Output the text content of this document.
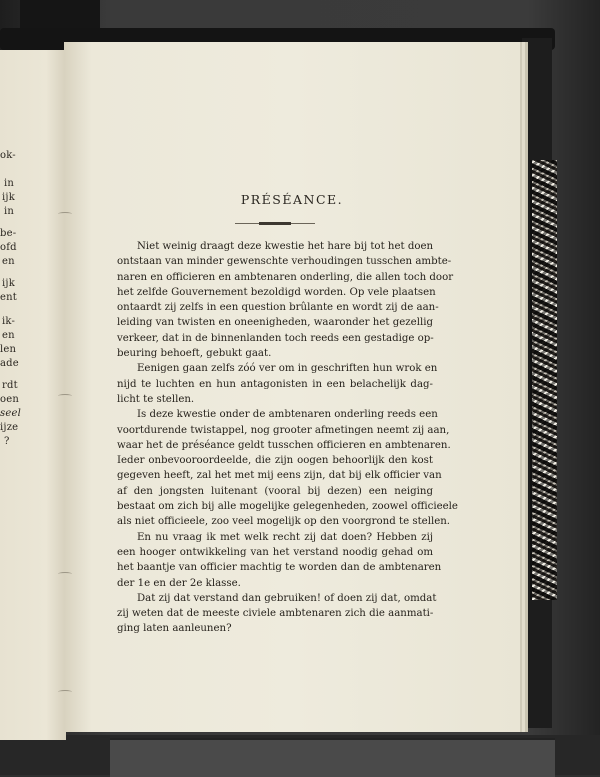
ok-
in
ijk
in
be-
ofd
en
ijk
ent
ik-
en
len
ade
rdt
oen
seel
ijze
?
PRÉSÉANCE.
Niet weinig draagt deze kwestie het hare bij tot het doen
ontstaan van minder gewenschte verhoudingen tusschen ambte-
naren en officieren en ambtenaren onderling, die allen toch door
het zelfde Gouvernement bezoldigd worden. Op vele plaatsen
ontaardt zij zelfs in een question brûlante en wordt zij de aan-
leiding van twisten en oneenigheden, waaronder het gezellig
verkeer, dat in de binnenlanden toch reeds een gestadige op-
beuring behoeft, gebukt gaat.
Eenigen gaan zelfs zóó ver om in geschriften hun wrok en
nijd te luchten en hun antagonisten in een belachelijk dag-
licht te stellen.
Is deze kwestie onder de ambtenaren onderling reeds een
voortdurende twistappel, nog grooter afmetingen neemt zij aan,
waar het de préséance geldt tusschen officieren en ambtenaren.
Ieder onbevooroordeelde, die zijn oogen behoorlijk den kost
gegeven heeft, zal het met mij eens zijn, dat bij elk officier van
af den jongsten luitenant (vooral bij dezen) een neiging
bestaat om zich bij alle mogelijke gelegenheden, zoowel officieele
als niet officieele, zoo veel mogelijk op den voorgrond te stellen.
En nu vraag ik met welk recht zij dat doen? Hebben zij
een hooger ontwikkeling van het verstand noodig gehad om
het baantje van officier machtig te worden dan de ambtenaren
der 1e en der 2e klasse.
Dat zij dat verstand dan gebruiken! of doen zij dat, omdat
zij weten dat de meeste civiele ambtenaren zich die aanmati-
ging laten aanleunen?
